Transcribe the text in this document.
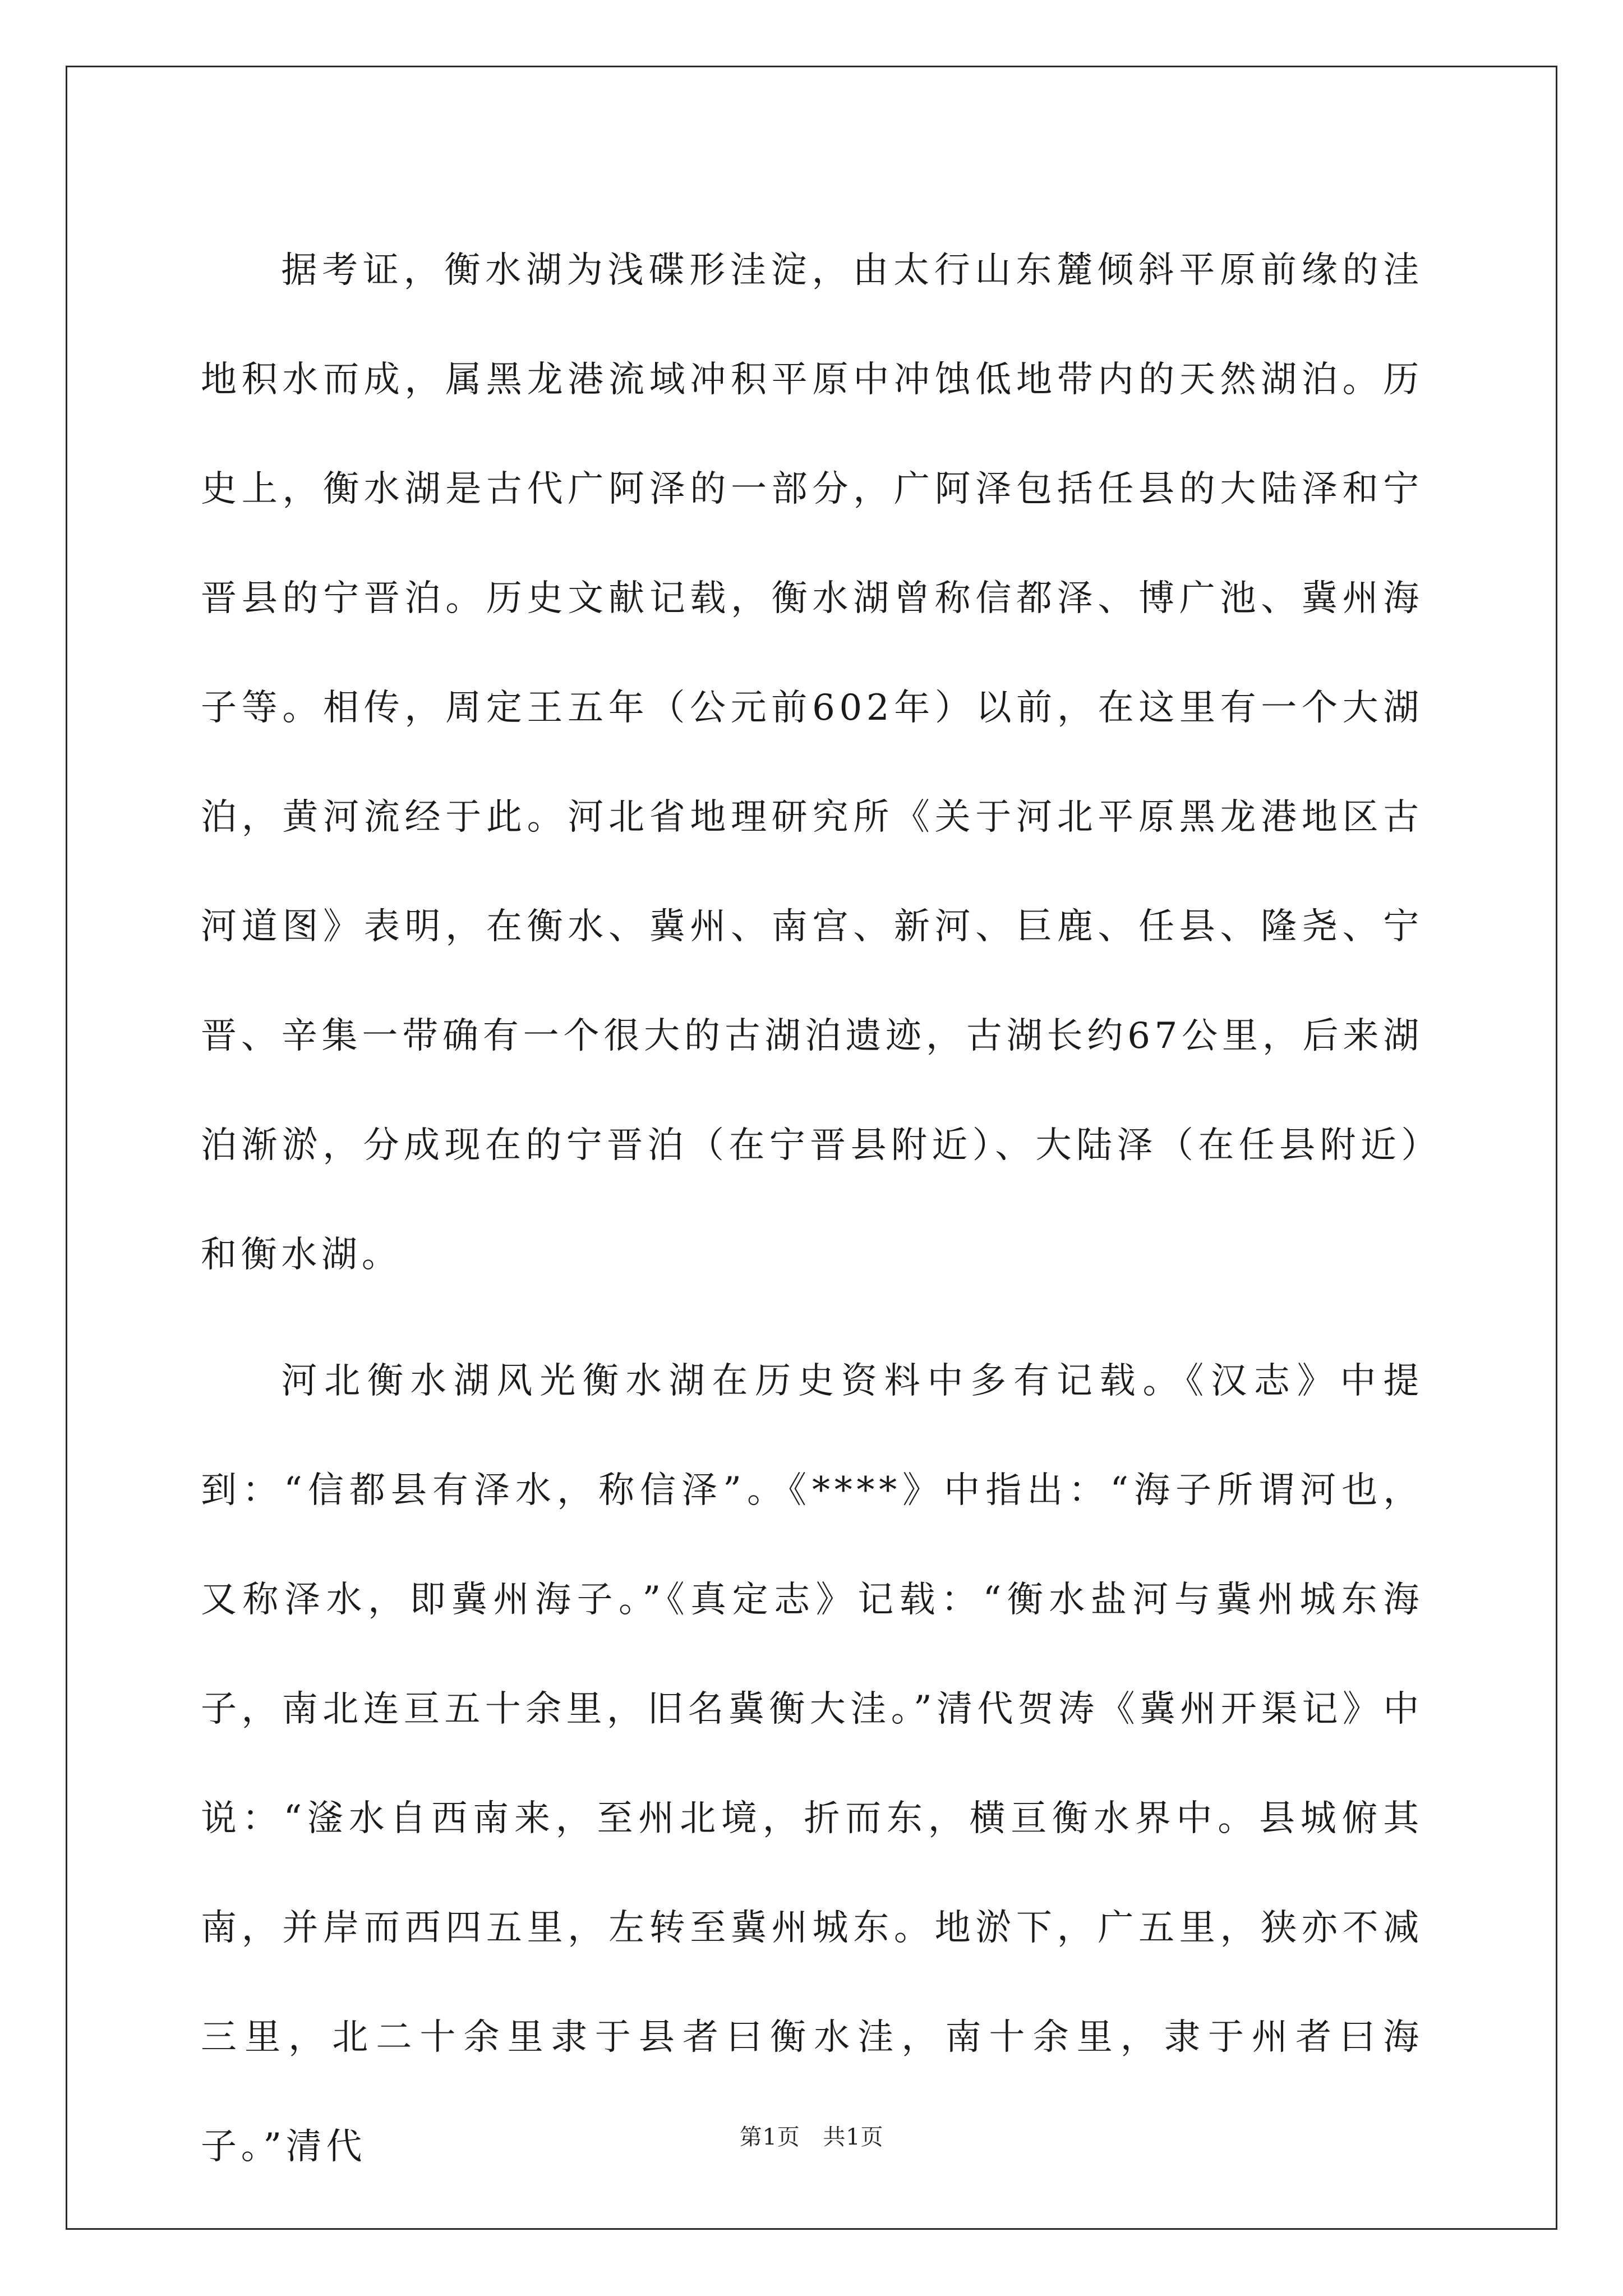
据考证，衡水湖为浅碟形洼淀，由太行山东麓倾斜平原前缘的洼地积水而成，属黑龙港流域冲积平原中冲蚀低地带内的天然湖泊。历史上，衡水湖是古代广阿泽的一部分，广阿泽包括任县的大陆泽和宁晋县的宁晋泊。历史文献记载，衡水湖曾称信都泽、博广池、冀州海子等。相传，周定王五年（公元前602年）以前，在这里有一个大湖泊，黄河流经于此。河北省地理研究所《关于河北平原黑龙港地区古河道图》表明，在衡水、冀州、南宫、新河、巨鹿、任县、隆尧、宁晋、辛集一带确有一个很大的古湖泊遗迹，古湖长约67公里，后来湖泊渐淤，分成现在的宁晋泊（在宁晋县附近）、大陆泽（在任县附近）和衡水湖。

河北衡水湖风光衡水湖在历史资料中多有记载。《汉志》中提到：“信都县有泽水，称信泽”。《****》中指出：“海子所谓河也，又称泽水，即冀州海子。”《真定志》记载：“衡水盐河与冀州城东海子，南北连亘五十余里，旧名冀衡大洼。”清代贺涛《冀州开渠记》中说：“滏水自西南来，至州北境，折而东，横亘衡水界中。县城俯其南，并岸而西四五里，左转至冀州城东。地淤下，广五里，狭亦不减三里，北二十余里隶于县者曰衡水洼，南十余里，隶于州者曰海子。”清代	第1页　共1页
